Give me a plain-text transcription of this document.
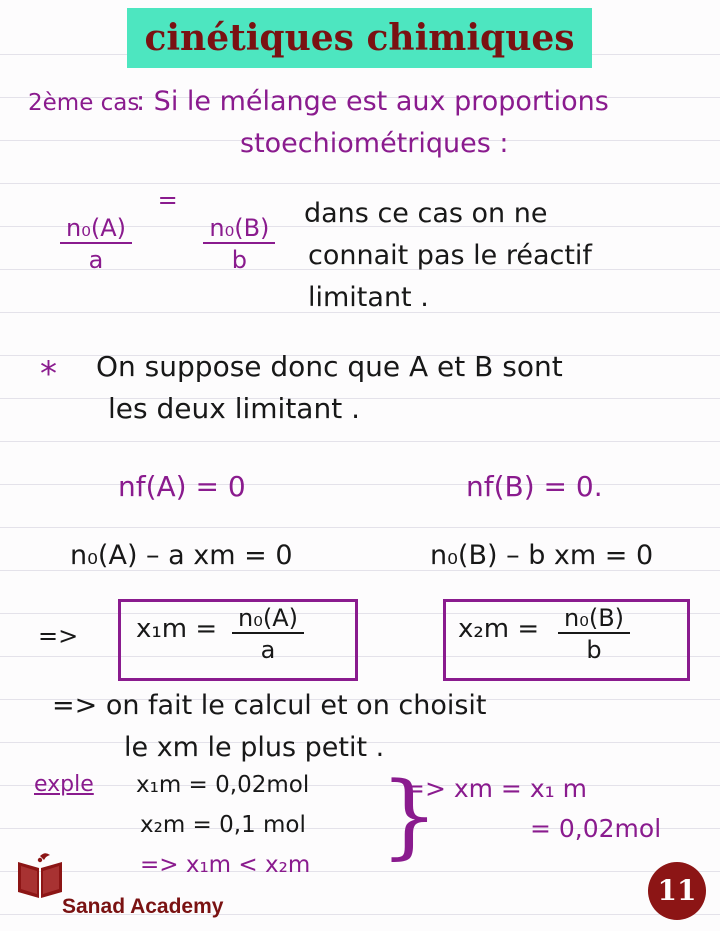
cinétiques chimiques
2ème cas
: Si le mélange est aux proportions
stoechiométriques :
$\frac{\text{n₀(A)}}{a}$
=
$\frac{\text{n₀(B)}}{b}$
dans ce cas on ne
connait pas le réactif
limitant .
* On suppose donc que A et B sont
les deux limitant .
nf(A) = 0	nf(B) = 0.
n₀(A) – a xm = 0	n₀(B) – b xm = 0
=> $x_1m = \frac{\text{n₀(A)}}{a}$	$x_2m = \frac{\text{n₀(B)}}{b}$
=> on fait le calcul et on choisit
le xm le plus petit .
exple x₁m = 0,02mol
x₂m = 0,1 mol
=> x₁m < x₂m }
=> xm = x₁ m
= 0,02mol
Sanad Academy	11
